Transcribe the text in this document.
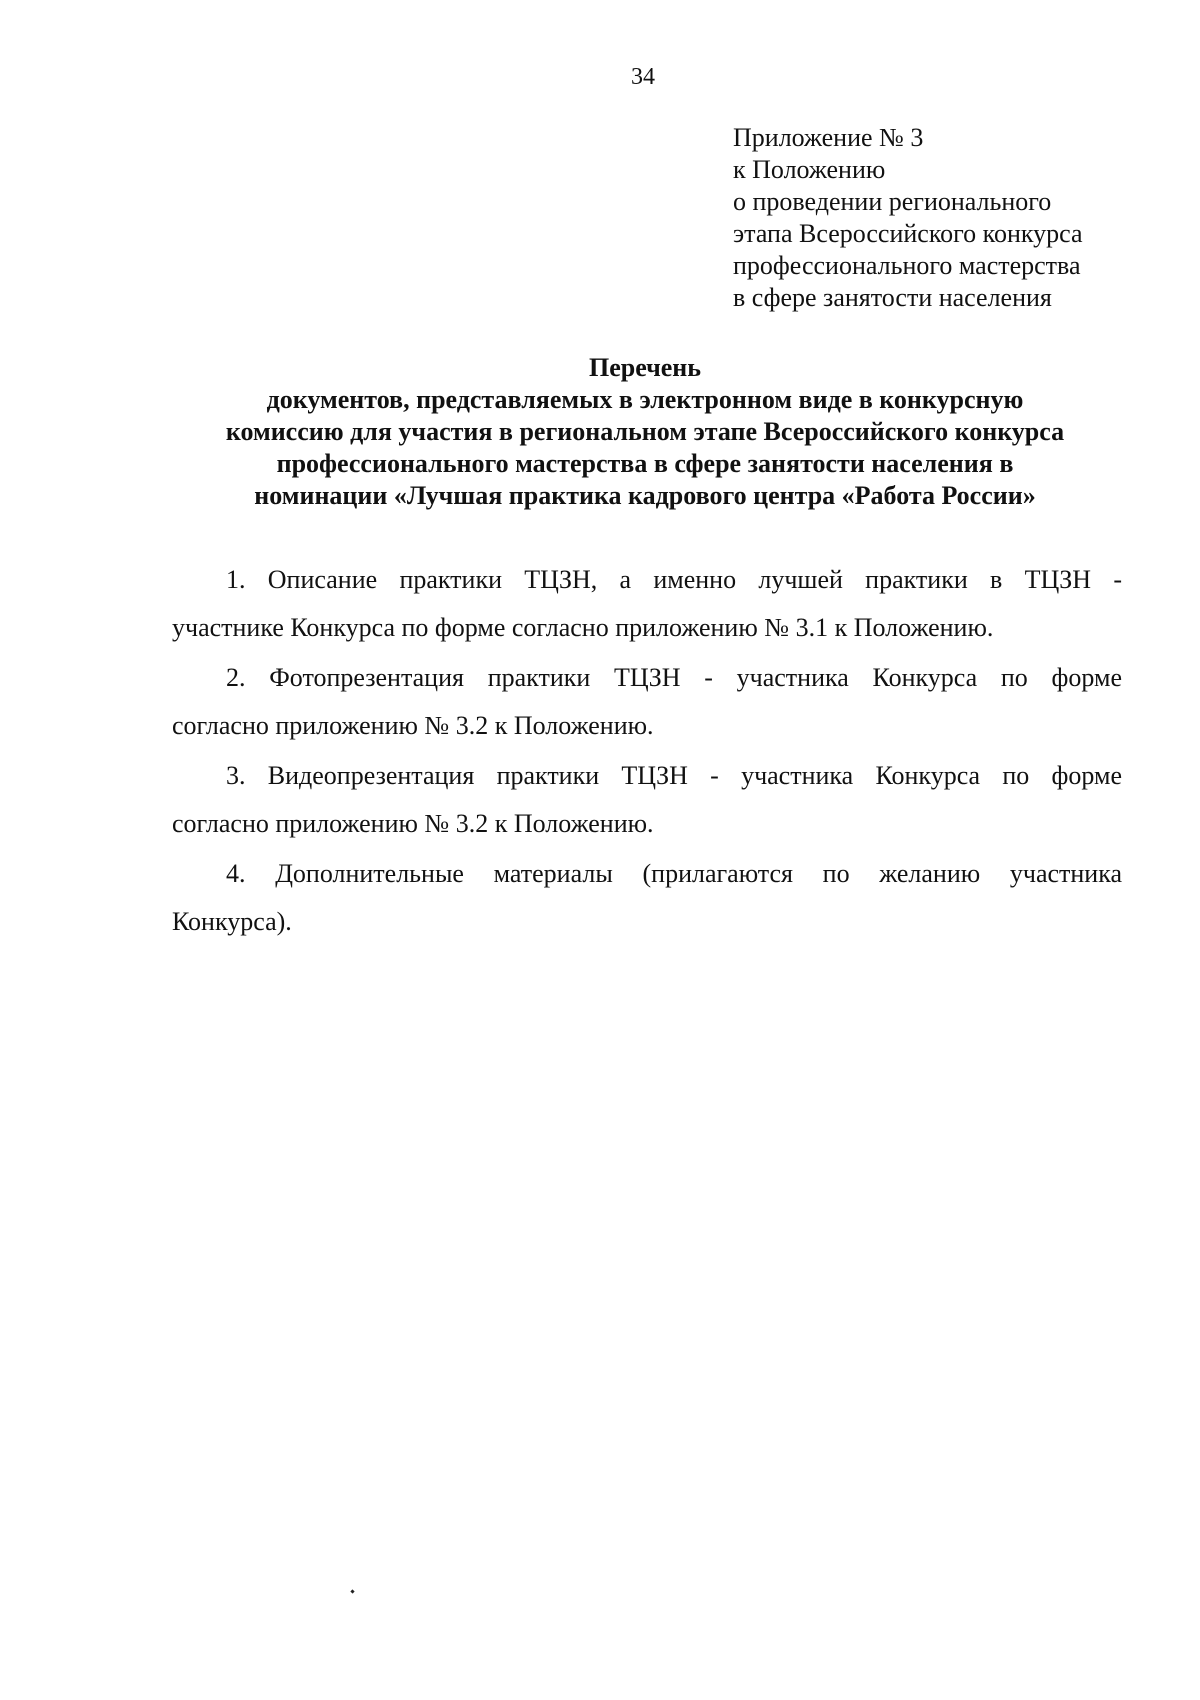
34
Приложение № 3
к Положению
о проведении регионального
этапа Всероссийского конкурса
профессионального мастерства
в сфере занятости населения
Перечень
документов, представляемых в электронном виде в конкурсную
комиссию для участия в региональном этапе Всероссийского конкурса
профессионального мастерства в сфере занятости населения в
номинации «Лучшая практика кадрового центра «Работа России»
1. Описание практики ТЦЗН, а именно лучшей практики в ТЦЗН -
участнике Конкурса по форме согласно приложению № 3.1 к Положению.
2. Фотопрезентация практики ТЦЗН - участника Конкурса по форме
согласно приложению № 3.2 к Положению.
3. Видеопрезентация практики ТЦЗН - участника Конкурса по форме
согласно приложению № 3.2 к Положению.
4. Дополнительные материалы (прилагаются по желанию участника
Конкурса).
